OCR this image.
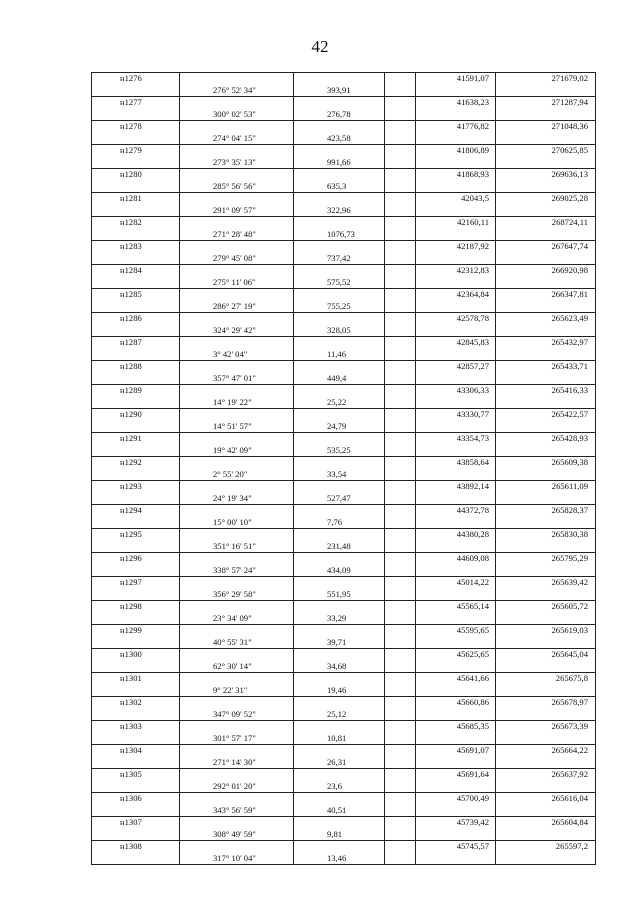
42
н1276				41591,07	271679,02
	276° 52' 34"	393,91			
н1277				41638,23	271287,94
	300° 02' 53"	276,78			
н1278				41776,82	271048,36
	274° 04' 15"	423,58			
н1279				41806,89	270625,85
	273° 35' 13"	991,66			
н1280				41868,93	269636,13
	285° 56' 56"	635,3			
н1281				42043,5	269025,28
	291° 09' 57"	322,96			
н1282				42160,11	268724,11
	271° 28' 48"	1076,73			
н1283				42187,92	267647,74
	279° 45' 08"	737,42			
н1284				42312,83	266920,98
	275° 11' 06"	575,52			
н1285				42364,84	266347,81
	286° 27' 19"	755,25			
н1286				42578,78	265623,49
	324° 29' 42"	328,05			
н1287				42845,83	265432,97
	3° 42' 04"	11,46			
н1288				42857,27	265433,71
	357° 47' 01"	449,4			
н1289				43306,33	265416,33
	14° 19' 22"	25,22			
н1290				43330,77	265422,57
	14° 51' 57"	24,79			
н1291				43354,73	265428,93
	19° 42' 09"	535,25			
н1292				43858,64	265609,38
	2° 55' 20"	33,54			
н1293				43892,14	265611,09
	24° 19' 34"	527,47			
н1294				44372,78	265828,37
	15° 00' 10"	7,76			
н1295				44380,28	265830,38
	351° 16' 51"	231,48			
н1296				44609,08	265795,29
	338° 57' 24"	434,09			
н1297				45014,22	265639,42
	356° 29' 58"	551,95			
н1298				45565,14	265605,72
	23° 34' 09"	33,29			
н1299				45595,65	265619,03
	40° 55' 31"	39,71			
н1300				45625,65	265645,04
	62° 30' 14"	34,68			
н1301				45641,66	265675,8
	9° 22' 31"	19,46			
н1302				45660,86	265678,97
	347° 09' 52"	25,12			
н1303				45685,35	265673,39
	301° 57' 17"	10,81			
н1304				45691,07	265664,22
	271° 14' 30"	26,31			
н1305				45691,64	265637,92
	292° 01' 20"	23,6			
н1306				45700,49	265616,04
	343° 56' 59"	40,51			
н1307				45739,42	265604,84
	308° 49' 59"	9,81			
н1308				45745,57	265597,2
	317° 10' 04"	13,46			
